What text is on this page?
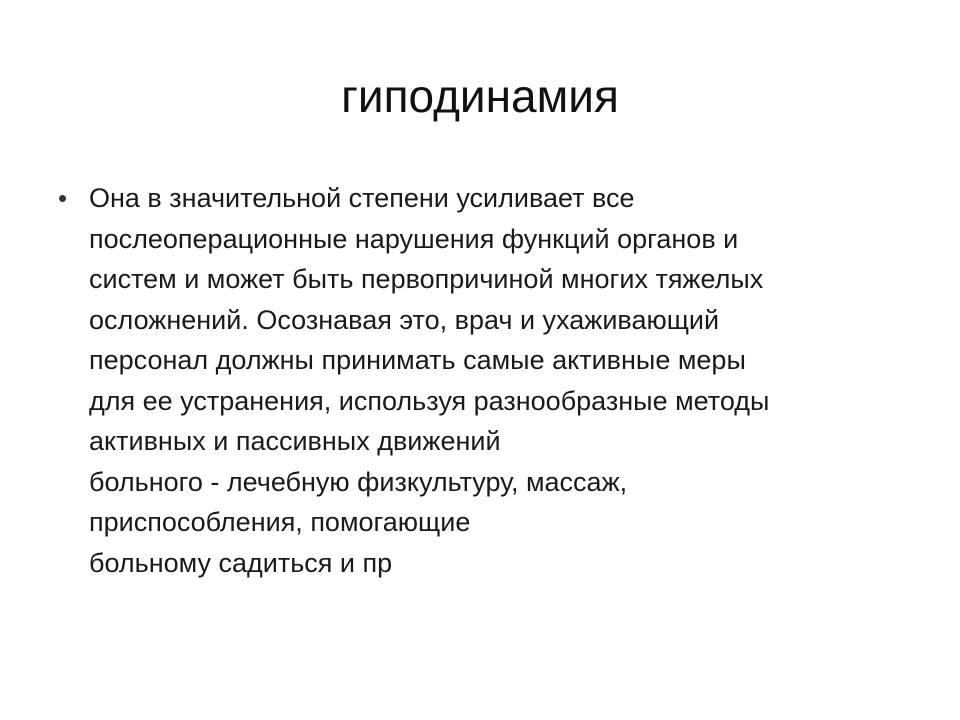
гиподинамия
• Она в значительной степени усиливает все
послеоперационные нарушения функций органов и
систем и может быть первопричиной многих тяжелых
осложнений. Осознавая это, врач и ухаживающий
персонал должны принимать самые активные меры
для ее устранения, используя разнообразные методы
активных и пассивных движений
больного - лечебную физкультуру, массаж,
приспособления, помогающие
больному садиться и пр
